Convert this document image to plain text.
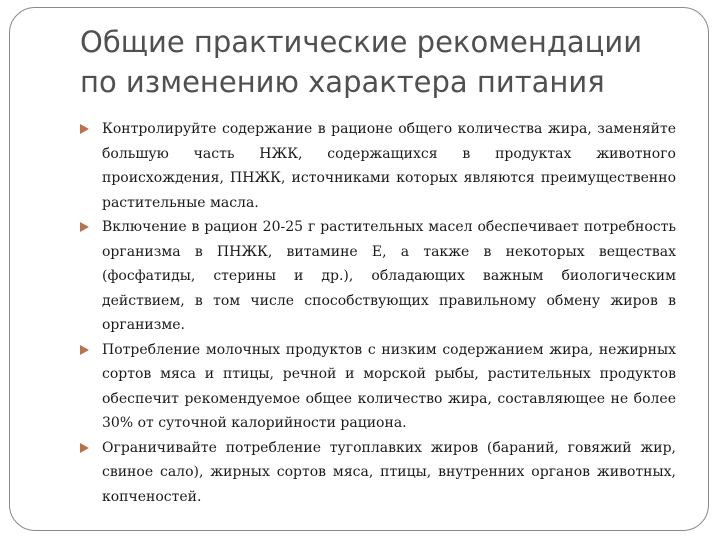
Общие практические рекомендации
по изменению характера питания
Контролируйте содержание в рационе общего количества жира, заменяйте большую часть НЖК, содержащихся в продуктах животного происхождения, ПНЖК, источниками которых являются преимущественно растительные масла.
Включение в рацион 20-25 г растительных масел обеспечивает потребность организма в ПНЖК, витамине Е, а также в некоторых веществах (фосфатиды, стерины и др.), обладающих важным биологическим действием, в том числе способствующих правильному обмену жиров в организме.
Потребление молочных продуктов с низким содержанием жира, нежирных сортов мяса и птицы, речной и морской рыбы, растительных продуктов обеспечит рекомендуемое общее количество жира, составляющее не более 30% от суточной калорийности рациона.
Ограничивайте потребление тугоплавких жиров (бараний, говяжий жир, свиное сало), жирных сортов мяса, птицы, внутренних органов животных, копченостей.
